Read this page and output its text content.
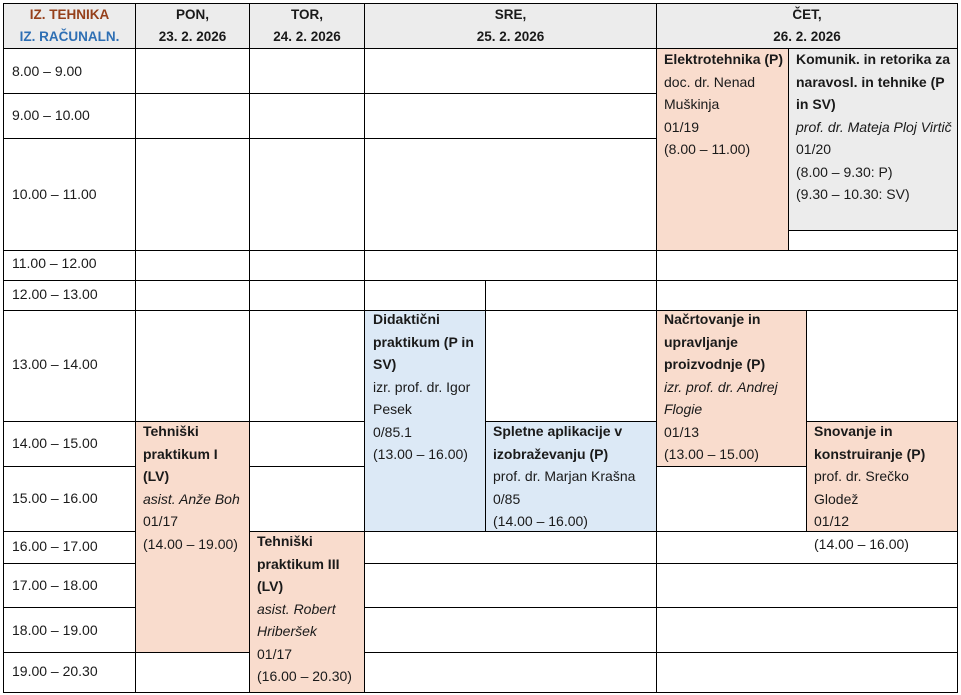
IZ. TEHNIKA
IZ. RAČUNALN.
PON,
23. 2. 2026
TOR,
24. 2. 2026
SRE,
25. 2. 2026
ČET,
26. 2. 2026
8.00 – 9.00
9.00 – 10.00
10.00 – 11.00
11.00 – 12.00
12.00 – 13.00
13.00 – 14.00
14.00 – 15.00
15.00 – 16.00
16.00 – 17.00
17.00 – 18.00
18.00 – 19.00
19.00 – 20.30
Elektrotehnika (P)
doc. dr. Nenad Muškinja
01/19
(8.00 – 11.00)
Komunik. in retorika za naravosl. in tehnike (P in SV)
prof. dr. Mateja Ploj Virtič
01/20
(8.00 – 9.30: P)
(9.30 – 10.30: SV)
Didaktični praktikum (P in SV)
izr. prof. dr. Igor Pesek
0/85.1
(13.00 – 16.00)
Načrtovanje in upravljanje proizvodnje (P)
izr. prof. dr. Andrej Flogie
01/13
(13.00 – 15.00)
Spletne aplikacije v izobraževanju (P)
prof. dr. Marjan Krašna
0/85
(14.00 – 16.00)
Snovanje in konstruiranje (P)
prof. dr. Srečko Glodež
01/12
(14.00 – 16.00)
Tehniški praktikum I (LV)
asist. Anže Boh
01/17
(14.00 – 19.00)	Tehniški praktikum III (LV)
asist. Robert Hriberšek
01/17
(16.00 – 20.30)
